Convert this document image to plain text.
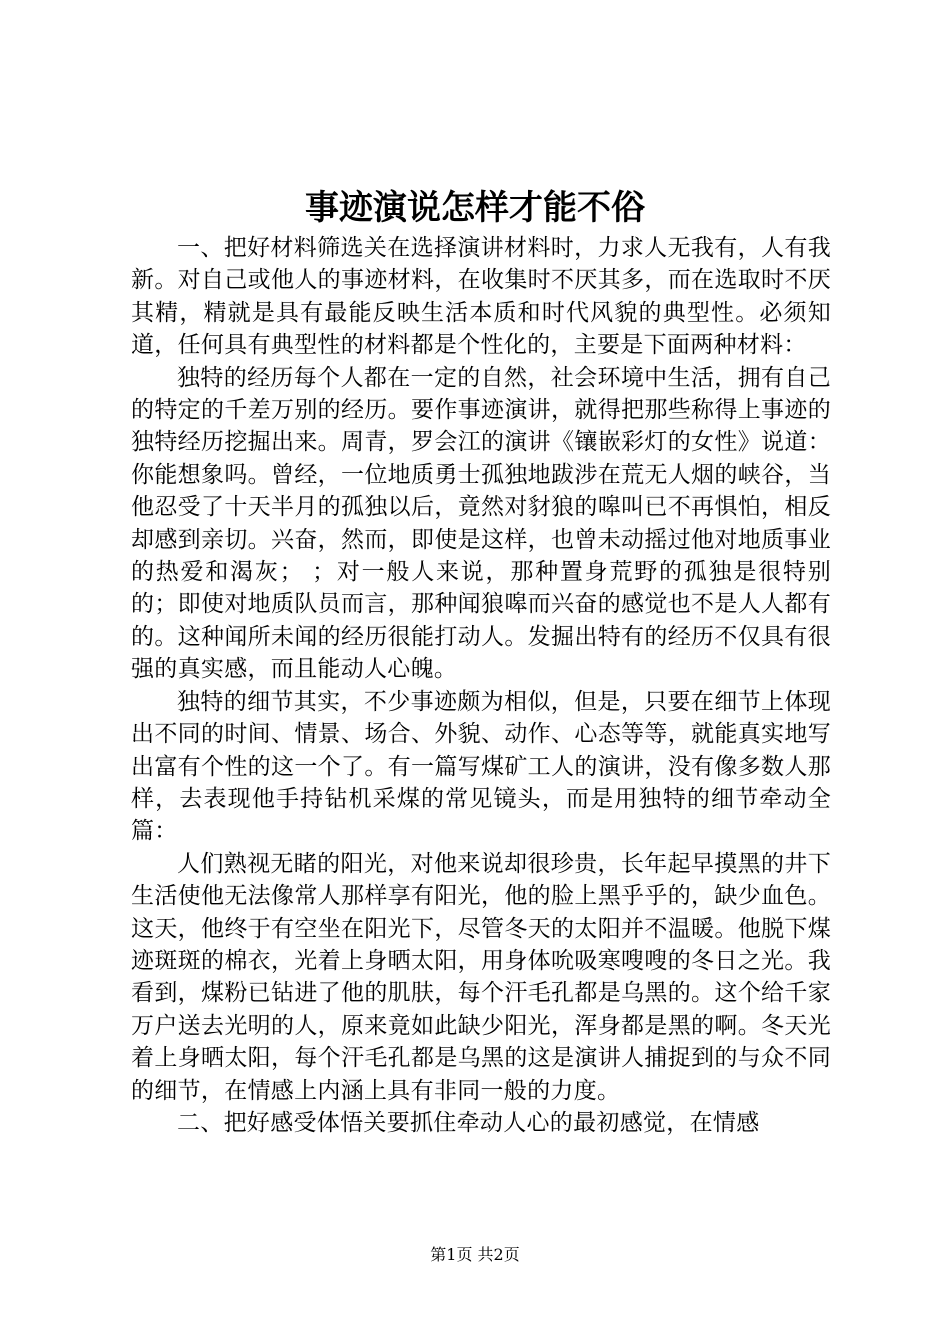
事迹演说怎样才能不俗

一、把好材料筛选关在选择演讲材料时，力求人无我有，人有我新。对自己或他人的事迹材料，在收集时不厌其多，而在选取时不厌其精，精就是具有最能反映生活本质和时代风貌的典型性。必须知道，任何具有典型性的材料都是个性化的，主要是下面两种材料：

独特的经历每个人都在一定的自然，社会环境中生活，拥有自己的特定的千差万别的经历。要作事迹演讲，就得把那些称得上事迹的独特经历挖掘出来。周青，罗会江的演讲《镶嵌彩灯的女性》说道：你能想象吗。曾经，一位地质勇士孤独地跋涉在荒无人烟的峡谷，当他忍受了十天半月的孤独以后，竟然对豺狼的嗥叫已不再惧怕，相反却感到亲切。兴奋，然而，即使是这样，也曾未动摇过他对地质事业的热爱和渴灰； ；对一般人来说，那种置身荒野的孤独是很特别的；即使对地质队员而言，那种闻狼嗥而兴奋的感觉也不是人人都有的。这种闻所未闻的经历很能打动人。发掘出特有的经历不仅具有很强的真实感，而且能动人心魄。

独特的细节其实，不少事迹颇为相似，但是，只要在细节上体现出不同的时间、情景、场合、外貌、动作、心态等等，就能真实地写出富有个性的这一个了。有一篇写煤矿工人的演讲，没有像多数人那样，去表现他手持钻机采煤的常见镜头，而是用独特的细节牵动全篇：

人们熟视无睹的阳光，对他来说却很珍贵，长年起早摸黑的井下生活使他无法像常人那样享有阳光，他的脸上黑乎乎的，缺少血色。这天，他终于有空坐在阳光下，尽管冬天的太阳并不温暖。他脱下煤迹斑斑的棉衣，光着上身晒太阳，用身体吮吸寒嗖嗖的冬日之光。我看到，煤粉已钻进了他的肌肤，每个汗毛孔都是乌黑的。这个给千家万户送去光明的人，原来竟如此缺少阳光，浑身都是黑的啊。冬天光着上身晒太阳，每个汗毛孔都是乌黑的这是演讲人捕捉到的与众不同的细节，在情感上内涵上具有非同一般的力度。

二、把好感受体悟关要抓住牵动人心的最初感觉，在情感

第1页 共2页
